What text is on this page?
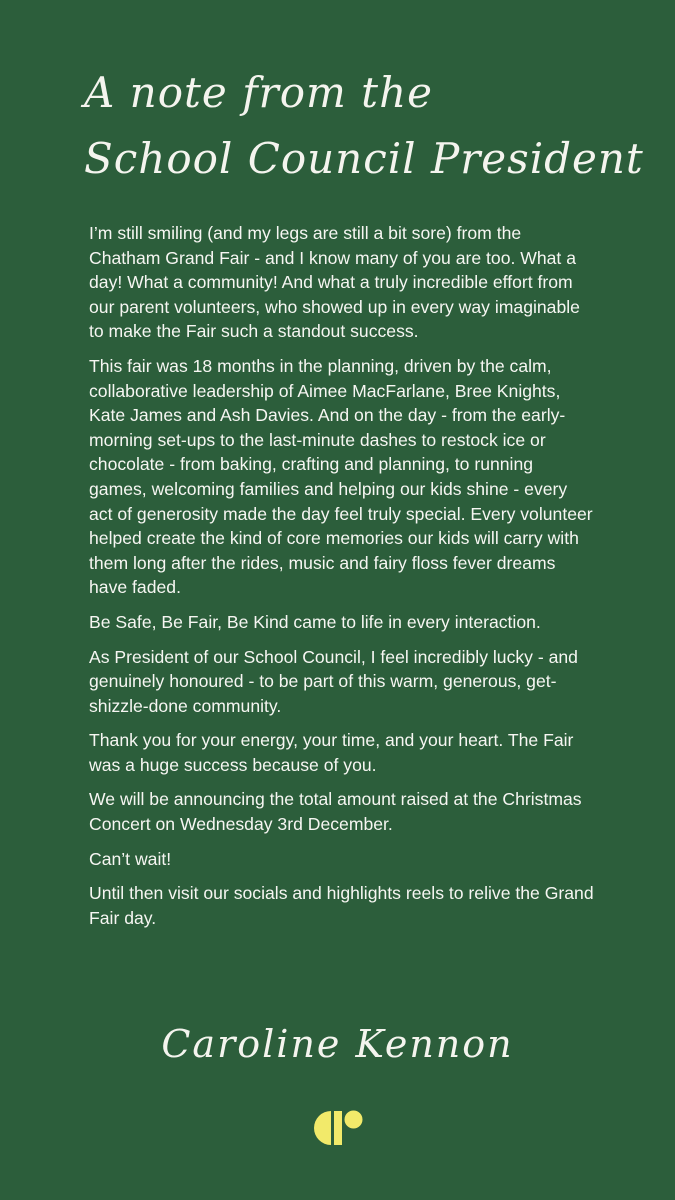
A note from the
School Council President

I’m still smiling (and my legs are still a bit sore) from the Chatham Grand Fair - and I know many of you are too. What a day! What a community! And what a truly incredible effort from our parent volunteers, who showed up in every way imaginable to make the Fair such a standout success.

This fair was 18 months in the planning, driven by the calm, collaborative leadership of Aimee MacFarlane, Bree Knights, Kate James and Ash Davies. And on the day - from the early-morning set-ups to the last-minute dashes to restock ice or chocolate - from baking, crafting and planning, to running games, welcoming families and helping our kids shine - every act of generosity made the day feel truly special. Every volunteer helped create the kind of core memories our kids will carry with them long after the rides, music and fairy floss fever dreams have faded.

Be Safe, Be Fair, Be Kind came to life in every interaction.

As President of our School Council, I feel incredibly lucky - and genuinely honoured - to be part of this warm, generous, get-shizzle-done community.

Thank you for your energy, your time, and your heart. The Fair was a huge success because of you.

We will be announcing the total amount raised at the Christmas Concert on Wednesday 3rd December.

Can’t wait!

Until then visit our socials and highlights reels to relive the Grand Fair day.

Caroline Kennon
